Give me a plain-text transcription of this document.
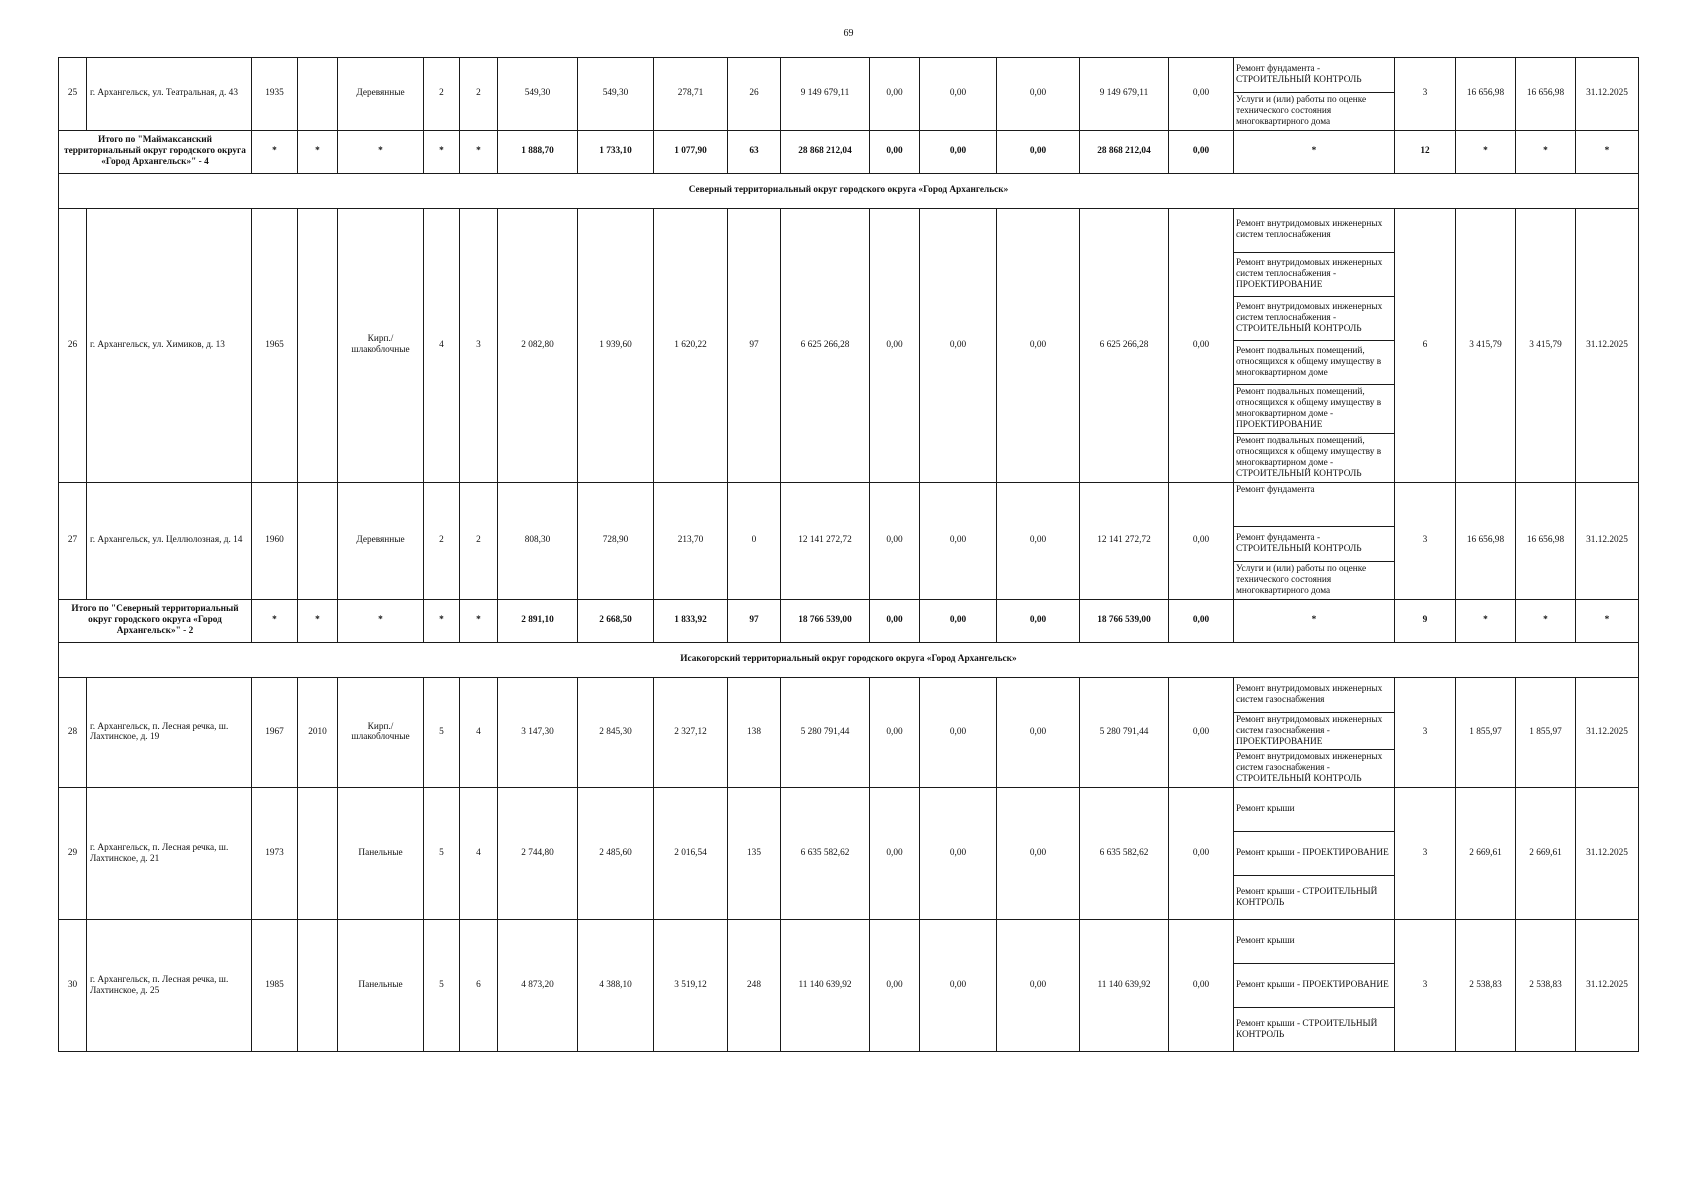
69
25	г. Архангельск, ул. Театральная, д. 43	1935		Деревянные	2	2	549,30	549,30	278,71	26	9 149 679,11	0,00	0,00	0,00	9 149 679,11	0,00	Ремонт фундамента - СТРОИТЕЛЬНЫЙ КОНТРОЛЬ	3	16 656,98	16 656,98	31.12.2025
																	Услуги и (или) работы по оценке технического состояния многоквартирного дома				
Итого по "Маймаксанский территориальный округ городского округа «Город Архангельск»" - 4		*	*	*	*	*	1 888,70	1 733,10	1 077,90	63	28 868 212,04	0,00	0,00	0,00	28 868 212,04	0,00	*	12	*	*	*
Северный территориальный округ городского округа «Город Архангельск»																					
26	г. Архангельск, ул. Химиков, д. 13	1965		Кирп./ шлакоблочные	4	3	2 082,80	1 939,60	1 620,22	97	6 625 266,28	0,00	0,00	0,00	6 625 266,28	0,00	Ремонт внутридомовых инженерных систем теплоснабжения	6	3 415,79	3 415,79	31.12.2025
																	Ремонт внутридомовых инженерных систем теплоснабжения - ПРОЕКТИРОВАНИЕ				
																	Ремонт внутридомовых инженерных систем теплоснабжения - СТРОИТЕЛЬНЫЙ КОНТРОЛЬ				
																	Ремонт подвальных помещений, относящихся к общему имуществу в многоквартирном доме				
																	Ремонт подвальных помещений, относящихся к общему имуществу в многоквартирном доме - ПРОЕКТИРОВАНИЕ				
																	Ремонт подвальных помещений, относящихся к общему имуществу в многоквартирном доме - СТРОИТЕЛЬНЫЙ КОНТРОЛЬ				
27	г. Архангельск, ул. Целлюлозная, д. 14	1960		Деревянные	2	2	808,30	728,90	213,70	0	12 141 272,72	0,00	0,00	0,00	12 141 272,72	0,00	Ремонт фундамента	3	16 656,98	16 656,98	31.12.2025
																	Ремонт фундамента - СТРОИТЕЛЬНЫЙ КОНТРОЛЬ				
																	Услуги и (или) работы по оценке технического состояния многоквартирного дома				
Итого по "Северный территориальный округ городского округа «Город Архангельск»" - 2		*	*	*	*	*	2 891,10	2 668,50	1 833,92	97	18 766 539,00	0,00	0,00	0,00	18 766 539,00	0,00	*	9	*	*	*
Исакогорский территориальный округ городского округа «Город Архангельск»																					
28	г. Архангельск, п. Лесная речка, ш. Лахтинское, д. 19	1967	2010	Кирп./ шлакоблочные	5	4	3 147,30	2 845,30	2 327,12	138	5 280 791,44	0,00	0,00	0,00	5 280 791,44	0,00	Ремонт внутридомовых инженерных систем газоснабжения	3	1 855,97	1 855,97	31.12.2025
																	Ремонт внутридомовых инженерных систем газоснабжения - ПРОЕКТИРОВАНИЕ				
																	Ремонт внутридомовых инженерных систем газоснабжения - СТРОИТЕЛЬНЫЙ КОНТРОЛЬ				
29	г. Архангельск, п. Лесная речка, ш. Лахтинское, д. 21	1973		Панельные	5	4	2 744,80	2 485,60	2 016,54	135	6 635 582,62	0,00	0,00	0,00	6 635 582,62	0,00	Ремонт крыши	3	2 669,61	2 669,61	31.12.2025
																	Ремонт крыши - ПРОЕКТИРОВАНИЕ				
																	Ремонт крыши - СТРОИТЕЛЬНЫЙ КОНТРОЛЬ				
30	г. Архангельск, п. Лесная речка, ш. Лахтинское, д. 25	1985		Панельные	5	6	4 873,20	4 388,10	3 519,12	248	11 140 639,92	0,00	0,00	0,00	11 140 639,92	0,00	Ремонт крыши	3	2 538,83	2 538,83	31.12.2025
																	Ремонт крыши - ПРОЕКТИРОВАНИЕ				
																	Ремонт крыши - СТРОИТЕЛЬНЫЙ КОНТРОЛЬ				
